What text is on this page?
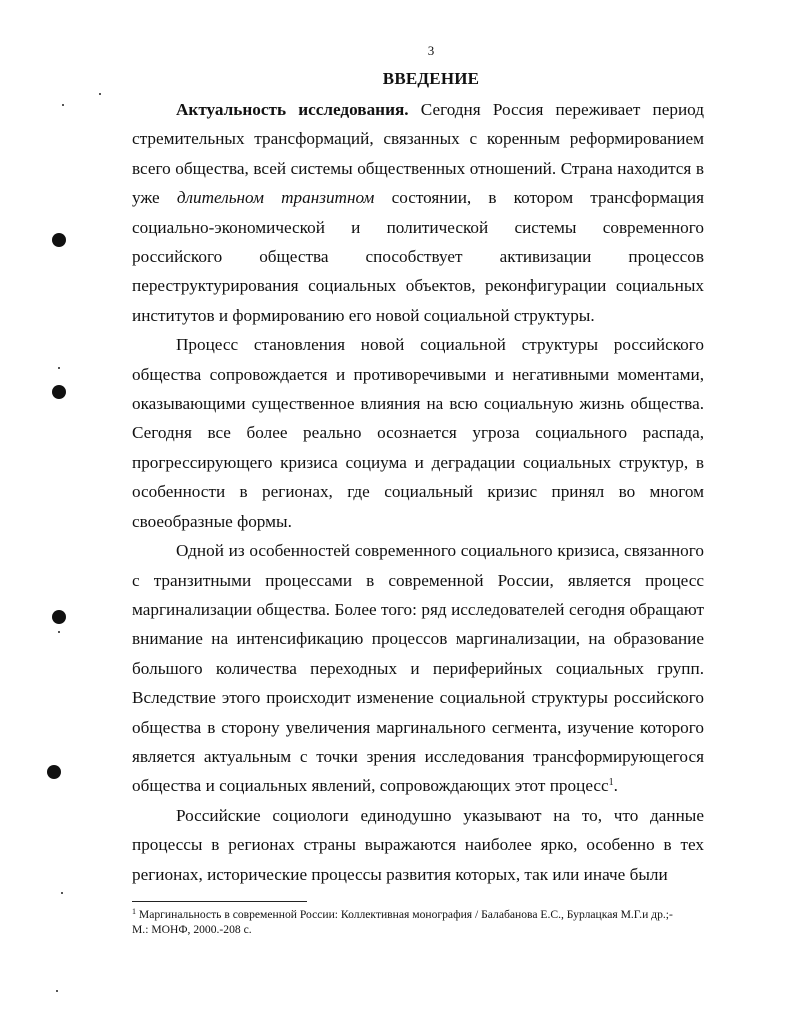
3
ВВЕДЕНИЕ

Актуальность исследования. Сегодня Россия переживает период стремительных трансформаций, связанных с коренным реформированием всего общества, всей системы общественных отношений. Страна находится в уже длительном транзитном состоянии, в котором трансформация социально-экономической и политической системы современного российского общества способствует активизации процессов переструктурирования социальных объектов, реконфигурации социальных институтов и формированию его новой социальной структуры.

Процесс становления новой социальной структуры российского общества сопровождается и противоречивыми и негативными моментами, оказывающими существенное влияния на всю социальную жизнь общества. Сегодня все более реально осознается угроза социального распада, прогрессирующего кризиса социума и деградации социальных структур, в особенности в регионах, где социальный кризис принял во многом своеобразные формы.

Одной из особенностей современного социального кризиса, связанного с транзитными процессами в современной России, является процесс маргинализации общества. Более того: ряд исследователей сегодня обращают внимание на интенсификацию процессов маргинализации, на образование большого количества переходных и периферийных социальных групп. Вследствие этого происходит изменение социальной структуры российского общества в сторону увеличения маргинального сегмента, изучение которого является актуальным с точки зрения исследования трансформирующегося общества и социальных явлений, сопровождающих этот процесс$^1$.

Российские социологи единодушно указывают на то, что данные процессы в регионах страны выражаются наиболее ярко, особенно в тех регионах, исторические процессы развития которых, так или иначе были

$^1$ Маргинальность в современной России: Коллективная монография / Балабанова Е.С., Бурлацкая М.Г.и др.;- М.: МОНФ, 2000.-208 с.
